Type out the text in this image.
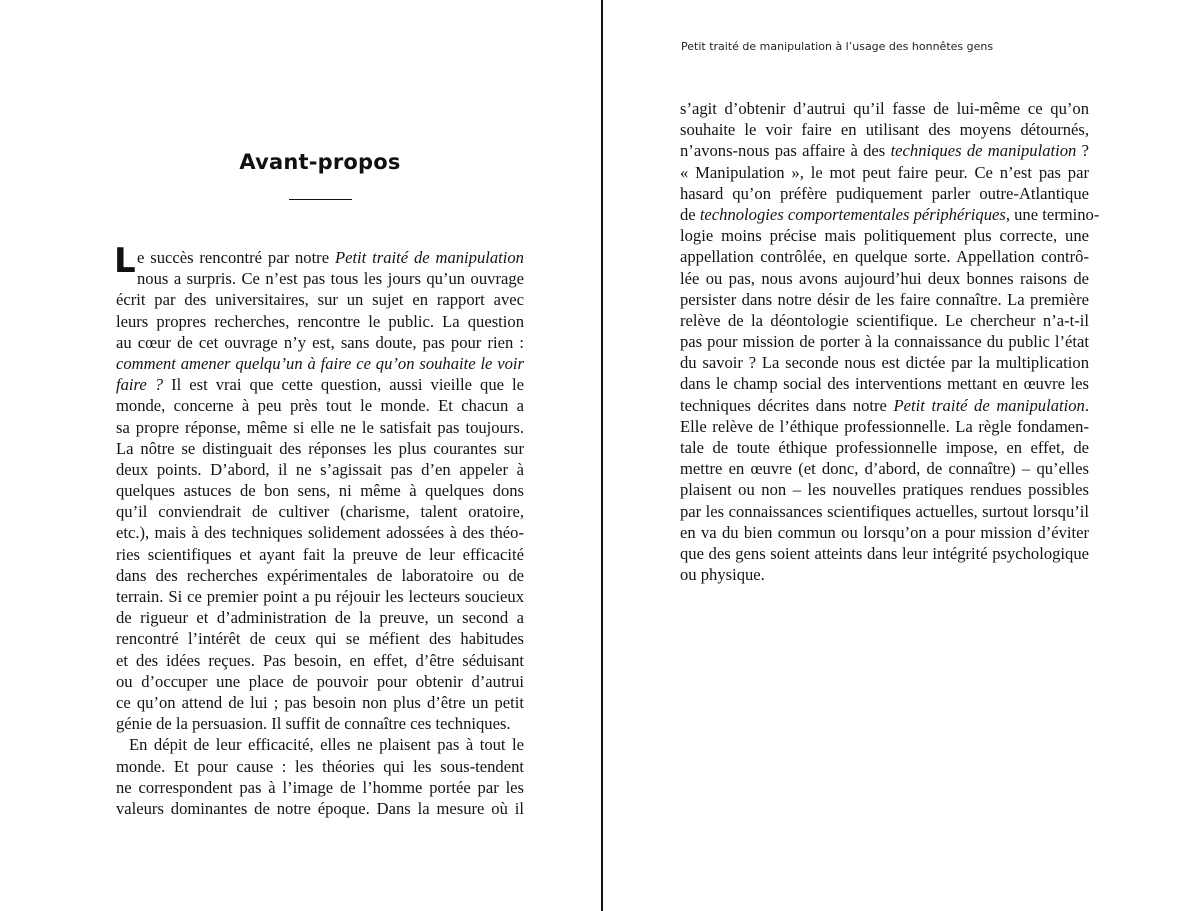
Avant-propos
L e succès rencontré par notre Petit traité de manipulation
nous a surpris. Ce n’est pas tous les jours qu’un ouvrage
écrit par des universitaires, sur un sujet en rapport avec
leurs propres recherches, rencontre le public. La question
au cœur de cet ouvrage n’y est, sans doute, pas pour rien :
comment amener quelqu’un à faire ce qu’on souhaite le voir
faire ? Il est vrai que cette question, aussi vieille que le
monde, concerne à peu près tout le monde. Et chacun a
sa propre réponse, même si elle ne le satisfait pas toujours.
La nôtre se distinguait des réponses les plus courantes sur
deux points. D’abord, il ne s’agissait pas d’en appeler à
quelques astuces de bon sens, ni même à quelques dons
qu’il conviendrait de cultiver (charisme, talent oratoire,
etc.), mais à des techniques solidement adossées à des théo-
ries scientifiques et ayant fait la preuve de leur efficacité
dans des recherches expérimentales de laboratoire ou de
terrain. Si ce premier point a pu réjouir les lecteurs soucieux
de rigueur et d’administration de la preuve, un second a
rencontré l’intérêt de ceux qui se méfient des habitudes
et des idées reçues. Pas besoin, en effet, d’être séduisant
ou d’occuper une place de pouvoir pour obtenir d’autrui
ce qu’on attend de lui ; pas besoin non plus d’être un petit
génie de la persuasion. Il suffit de connaître ces techniques.
En dépit de leur efficacité, elles ne plaisent pas à tout le
monde. Et pour cause : les théories qui les sous-tendent
ne correspondent pas à l’image de l’homme portée par les
valeurs dominantes de notre époque. Dans la mesure où il
Petit traité de manipulation à l’usage des honnêtes gens
s’agit d’obtenir d’autrui qu’il fasse de lui-même ce qu’on
souhaite le voir faire en utilisant des moyens détournés,
n’avons-nous pas affaire à des techniques de manipulation ?
« Manipulation », le mot peut faire peur. Ce n’est pas par
hasard qu’on préfère pudiquement parler outre-Atlantique
de technologies comportementales périphériques, une termino-
logie moins précise mais politiquement plus correcte, une
appellation contrôlée, en quelque sorte. Appellation contrô-
lée ou pas, nous avons aujourd’hui deux bonnes raisons de
persister dans notre désir de les faire connaître. La première
relève de la déontologie scientifique. Le chercheur n’a-t-il
pas pour mission de porter à la connaissance du public l’état
du savoir ? La seconde nous est dictée par la multiplication
dans le champ social des interventions mettant en œuvre les
techniques décrites dans notre Petit traité de manipulation.
Elle relève de l’éthique professionnelle. La règle fondamen-
tale de toute éthique professionnelle impose, en effet, de
mettre en œuvre (et donc, d’abord, de connaître) – qu’elles
plaisent ou non – les nouvelles pratiques rendues possibles
par les connaissances scientifiques actuelles, surtout lorsqu’il
en va du bien commun ou lorsqu’on a pour mission d’éviter
que des gens soient atteints dans leur intégrité psychologique
ou physique.
